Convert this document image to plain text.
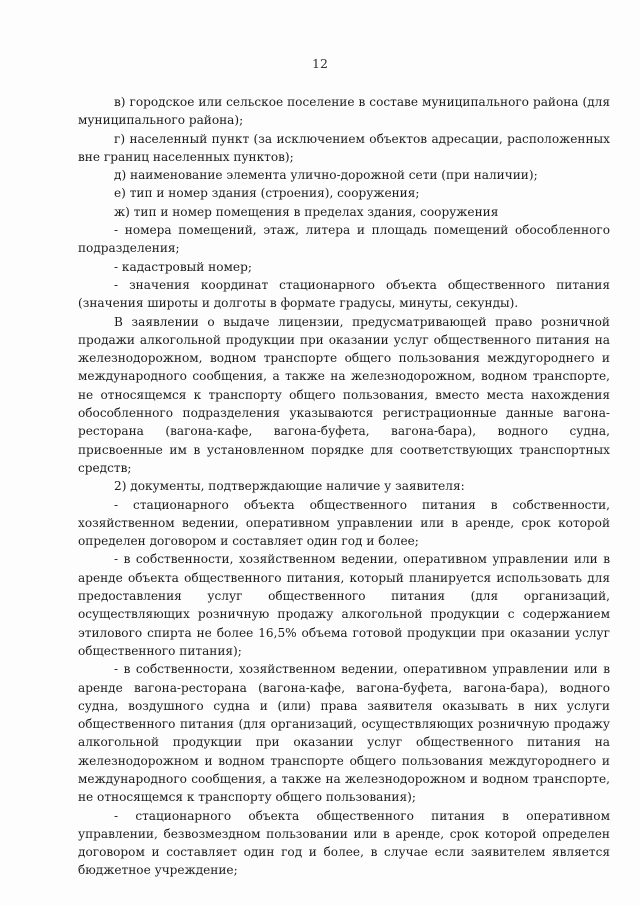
12

в) городское или сельское поселение в составе муниципального района (для муниципального района);

г) населенный пункт (за исключением объектов адресации, расположенных вне границ населенных пунктов);

д) наименование элемента улично-дорожной сети (при наличии);

е) тип и номер здания (строения), сооружения;

ж) тип и номер помещения в пределах здания, сооружения

- номера помещений, этаж, литера и площадь помещений обособленного подразделения;

- кадастровый номер;

- значения координат стационарного объекта общественного питания (значения широты и долготы в формате градусы, минуты, секунды).

В заявлении о выдаче лицензии, предусматривающей право розничной продажи алкогольной продукции при оказании услуг общественного питания на железнодорожном, водном транспорте общего пользования междугороднего и международного сообщения, а также на железнодорожном, водном транспорте, не относящемся к транспорту общего пользования, вместо места нахождения обособленного подразделения указываются регистрационные данные вагона-ресторана (вагона-кафе, вагона-буфета, вагона-бара), водного судна, присвоенные им в установленном порядке для соответствующих транспортных средств;

2) документы, подтверждающие наличие у заявителя:

- стационарного объекта общественного питания в собственности, хозяйственном ведении, оперативном управлении или в аренде, срок которой определен договором и составляет один год и более;

- в собственности, хозяйственном ведении, оперативном управлении или в аренде объекта общественного питания, который планируется использовать для предоставления услуг общественного питания (для организаций, осуществляющих розничную продажу алкогольной продукции с содержанием этилового спирта не более 16,5% объема готовой продукции при оказании услуг общественного питания);

- в собственности, хозяйственном ведении, оперативном управлении или в аренде вагона-ресторана (вагона-кафе, вагона-буфета, вагона-бара), водного судна, воздушного судна и (или) права заявителя оказывать в них услуги общественного питания (для организаций, осуществляющих розничную продажу алкогольной продукции при оказании услуг общественного питания на железнодорожном и водном транспорте общего пользования междугороднего и международного сообщения, а также на железнодорожном и водном транспорте, не относящемся к транспорту общего пользования);

- стационарного объекта общественного питания в оперативном управлении, безвозмездном пользовании или в аренде, срок которой определен договором и составляет один год и более, в случае если заявителем является бюджетное учреждение;
